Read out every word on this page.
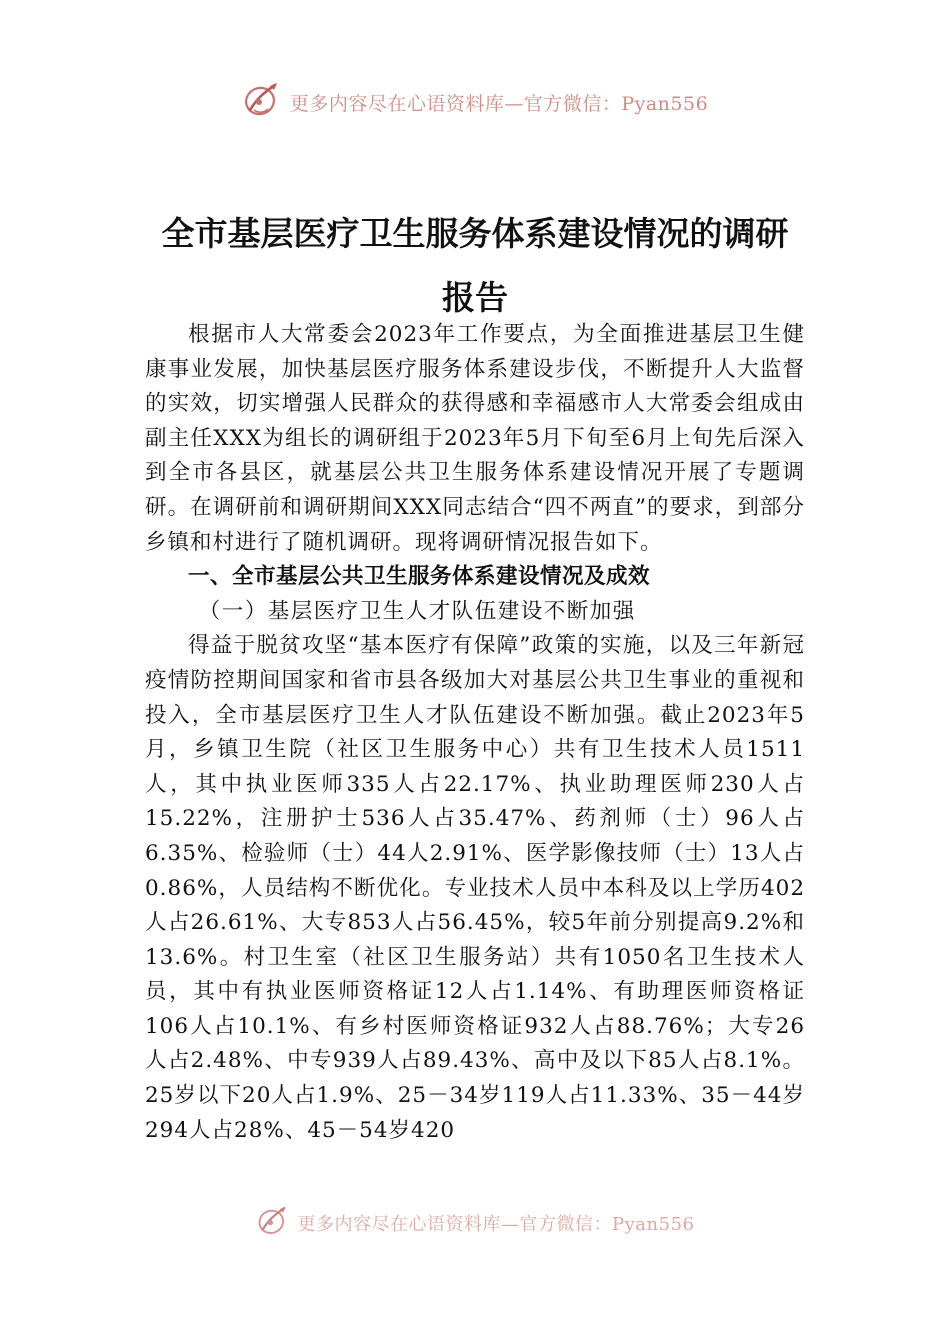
更多内容尽在心语资料库—官方微信：Pyan556
全市基层医疗卫生服务体系建设情况的调研报告

根据市人大常委会2023年工作要点，为全面推进基层卫生健康事业发展，加快基层医疗服务体系建设步伐，不断提升人大监督的实效，切实增强人民群众的获得感和幸福感市人大常委会组成由副主任XXX为组长的调研组于2023年5月下旬至6月上旬先后深入到全市各县区，就基层公共卫生服务体系建设情况开展了专题调研。在调研前和调研期间XXX同志结合“四不两直”的要求，到部分乡镇和村进行了随机调研。现将调研情况报告如下。

一、全市基层公共卫生服务体系建设情况及成效
（一）基层医疗卫生人才队伍建设不断加强

得益于脱贫攻坚“基本医疗有保障”政策的实施，以及三年新冠疫情防控期间国家和省市县各级加大对基层公共卫生事业的重视和投入，全市基层医疗卫生人才队伍建设不断加强。截止2023年5月，乡镇卫生院（社区卫生服务中心）共有卫生技术人员1511人，其中执业医师335人占22.17%、执业助理医师230人占15.22%，注册护士536人占35.47%、药剂师（士）96人占6.35%、检验师（士）44人2.91%、医学影像技师（士）13人占0.86%，人员结构不断优化。专业技术人员中本科及以上学历402人占26.61%、大专853人占56.45%，较5年前分别提高9.2%和13.6%。村卫生室（社区卫生服务站）共有1050名卫生技术人员，其中有执业医师资格证12人占1.14%、有助理医师资格证106人占10.1%、有乡村医师资格证932人占88.76%；大专26人占2.48%、中专939人占89.43%、高中及以下85人占8.1%。25岁以下20人占1.9%、25－34岁119人占11.33%、35－44岁294人占28%、45－54岁420

更多内容尽在心语资料库—官方微信：Pyan556
